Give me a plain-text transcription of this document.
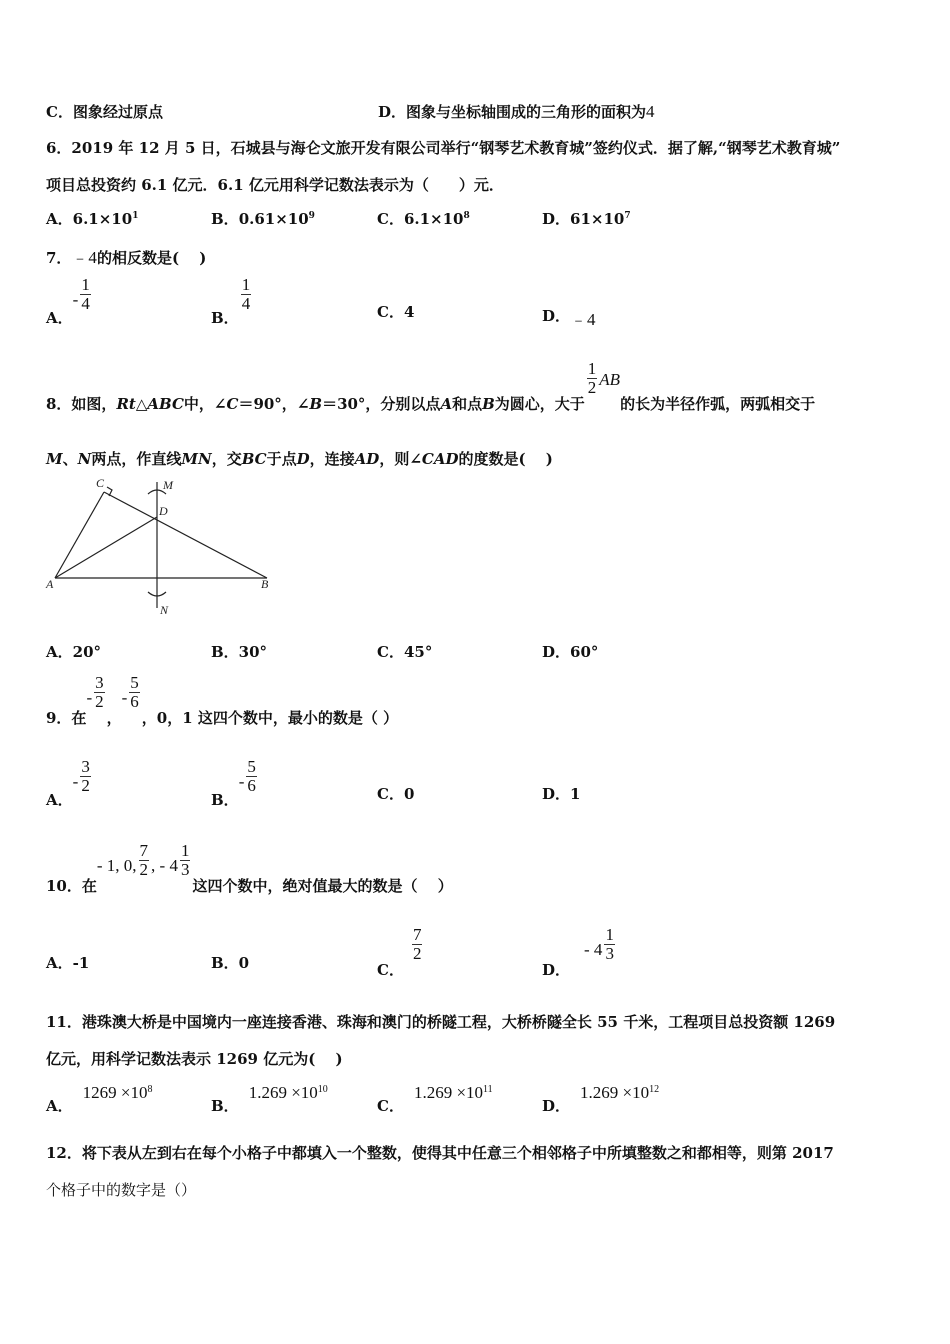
C．图象经过原点	D．图象与坐标轴围成的三角形的面积为4
6．2019 年 12 月 5 日，石城县与海仑文旅开发有限公司举行“钢琴艺术教育城”签约仪式．据了解,“钢琴艺术教育城”
项目总投资约 6.1 亿元．6.1 亿元用科学记数法表示为（　　）元．
A．$6.1\times 10^1$	B．$0.61\times 10^9$	C．$6.1\times 10^8$	D．$61\times 10^7$
7．﹣4的相反数是(　 )
A．- $\frac{1}{4}$
B．
$\frac{1}{4}$	C．4	D．﹣4
8．如图，Rt△ABC中，∠C＝90°，∠B＝30°，分别以点A和点B为圆心，大于
$\frac{1}{2}$ AB的长为半径作弧，两弧相交于
M、N两点，作直线MN，交BC于点D，连接AD，则∠CAD的度数是(　 )
C	M
D
A	B
N
A．20°	B．30°	C．45°	D．60°
9．在- $\frac{3}{2}$
，- $\frac{5}{6}$
，0，1 这四个数中，最小的数是（ ）
A．- $\frac{3}{2}$
B．- $\frac{5}{6}$	C．0	D．1
10．在- 1, 0, $\frac{7}{2}$ , - $4 \frac{1}{3}$
这四个数中，绝对值最大的数是（　 ）
A．-1	B．0	C．
$\frac{7}{2}$
D．- $4 \frac{1}{3}$
11．港珠澳大桥是中国境内一座连接香港、珠海和澳门的桥隧工程，大桥桥隧全长 55 千米，工程项目总投资额 1269
亿元，用科学记数法表示 1269 亿元为(　 )
A．$1269 \times 10^8$
B．$1.269 \times 10^{10}$
C．$1.269 \times 10^{11}$
D．$1.269 \times 10^{12}$
12．将下表从左到右在每个小格子中都填入一个整数，使得其中任意三个相邻格子中所填整数之和都相等，则第 2017
个格子中的数字是（）
